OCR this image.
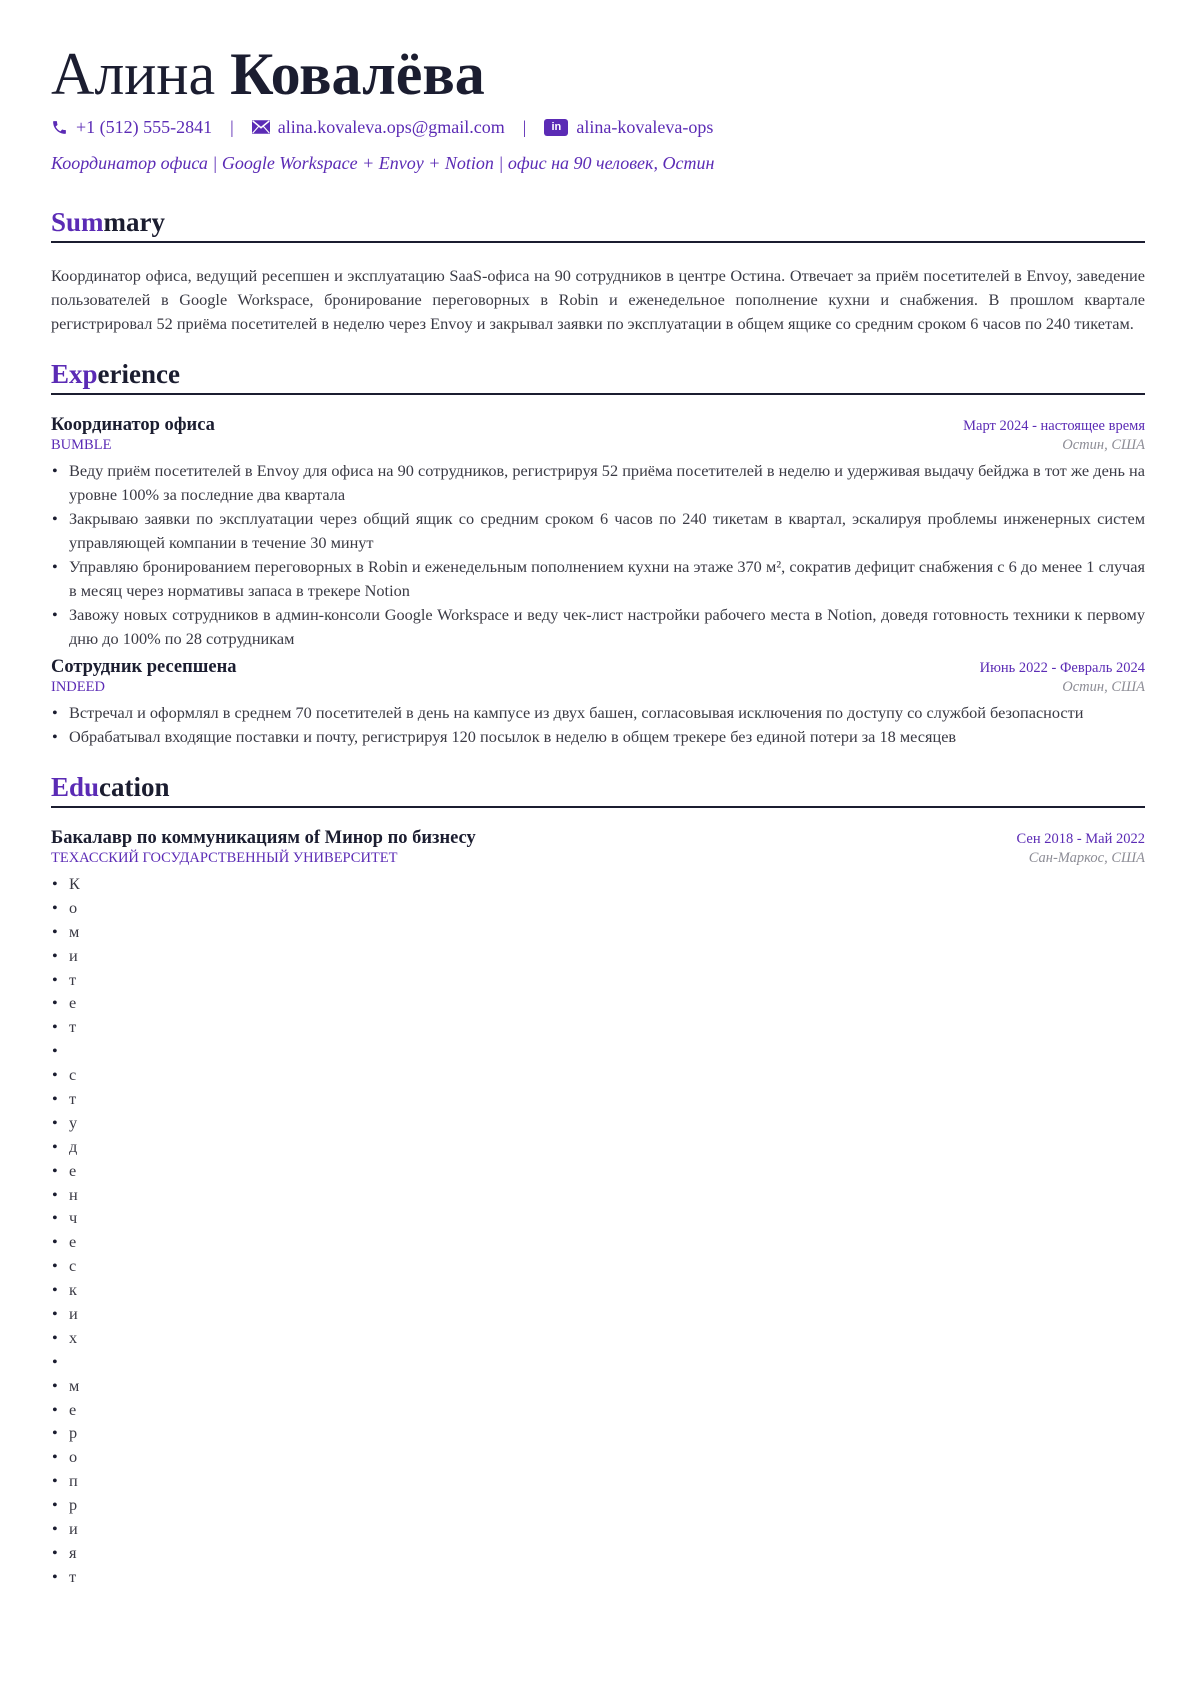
Алина Ковалёва
+1 (512) 555-2841 | alina.kovaleva.ops@gmail.com |	in alina-kovaleva-ops
Координатор офиса | Google Workspace + Envoy + Notion | офис на 90 человек, Остин
Summary
Координатор офиса, ведущий ресепшен и эксплуатацию SaaS-офиса на 90 сотрудников в центре Остина. Отвечает за приём посетителей в Envoy, заведение пользователей в Google Workspace, бронирование переговорных в Robin и еженедельное пополнение кухни и снабжения. В прошлом квартале регистрировал 52 приёма посетителей в неделю через Envoy и закрывал заявки по эксплуатации в общем ящике со средним сроком 6 часов по 240 тикетам.
Experience
Координатор офиса	Март 2024 - настоящее время
BUMBLE	Остин, США
• Веду приём посетителей в Envoy для офиса на 90 сотрудников, регистрируя 52 приёма посетителей в неделю и удерживая выдачу бейджа в тот же день на уровне 100% за последние два квартала
• Закрываю заявки по эксплуатации через общий ящик со средним сроком 6 часов по 240 тикетам в квартал, эскалируя проблемы инженерных систем управляющей компании в течение 30 минут
• Управляю бронированием переговорных в Robin и еженедельным пополнением кухни на этаже 370 м², сократив дефицит снабжения с 6 до менее 1 случая в месяц через нормативы запаса в трекере Notion
• Завожу новых сотрудников в админ-консоли Google Workspace и веду чек-лист настройки рабочего места в Notion, доведя готовность техники к первому дню до 100% по 28 сотрудникам
Сотрудник ресепшена	Июнь 2022 - Февраль 2024
INDEED	Остин, США
• Встречал и оформлял в среднем 70 посетителей в день на кампусе из двух башен, согласовывая исключения по доступу со службой безопасности
• Обрабатывал входящие поставки и почту, регистрируя 120 посылок в неделю в общем трекере без единой потери за 18 месяцев
Education
Бакалавр по коммуникациям of Минор по бизнесу	Сен 2018 - Май 2022
ТЕХАССКИЙ ГОСУДАРСТВЕННЫЙ УНИВЕРСИТЕТ	Сан-Маркос, США
• К
• о
• м
• и
• т
• е
• т
•
• с
• т
• у
• д
• е
• н
• ч
• е
• с
• к
• и
• х
•
• м
• е
• р
• о
• п
• р
• и
• я
• т
